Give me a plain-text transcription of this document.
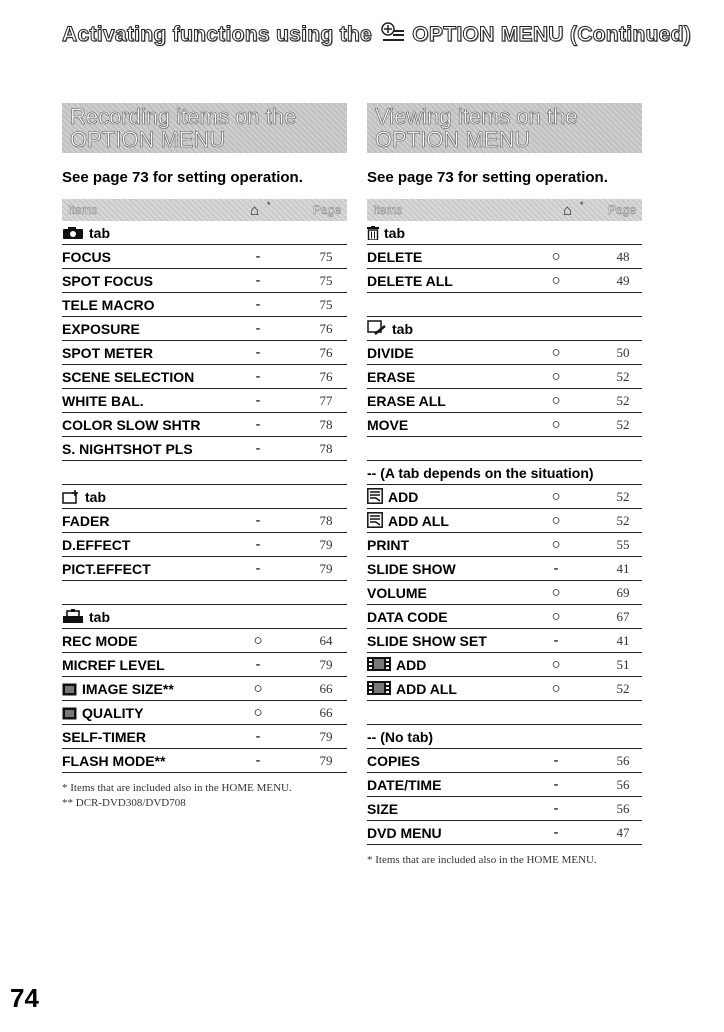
Activating functions using the OPTION MENU (Continued)
Recording items on the OPTION MENU
See page 73 for setting operation.
Items	⌂ *	Page
tab
FOCUS	-	75
SPOT FOCUS	-	75
TELE MACRO	-	75
EXPOSURE	-	76
SPOT METER	-	76
SCENE SELECTION	-	76
WHITE BAL.	-	77
COLOR SLOW SHTR	-	78
S. NIGHTSHOT PLS	-	78
tab
FADER	-	78
D.EFFECT	-	79
PICT.EFFECT	-	79
tab
REC MODE	○	64
MICREF LEVEL	-	79
IMAGE SIZE**	○	66
QUALITY	○	66
SELF-TIMER	-	79
FLASH MODE**	-	79
* Items that are included also in the HOME MENU.
** DCR-DVD308/DVD708
Viewing items on the OPTION MENU
See page 73 for setting operation.
Items	⌂ * Page
tab
DELETE	○	48
DELETE ALL	○	49
tab
DIVIDE	○	50
ERASE	○	52
ERASE ALL	○	52
MOVE	○	52
-- (A tab depends on the situation)
ADD	○	52
ADD ALL	○	52
PRINT	○	55
SLIDE SHOW	-	41
VOLUME	○	69
DATA CODE	○	67
SLIDE SHOW SET	-	41
ADD	○	51
ADD ALL	○	52
-- (No tab)
COPIES	-	56
DATE/TIME	-	56
SIZE	-	56
DVD MENU	-	47
* Items that are included also in the HOME MENU.
74
